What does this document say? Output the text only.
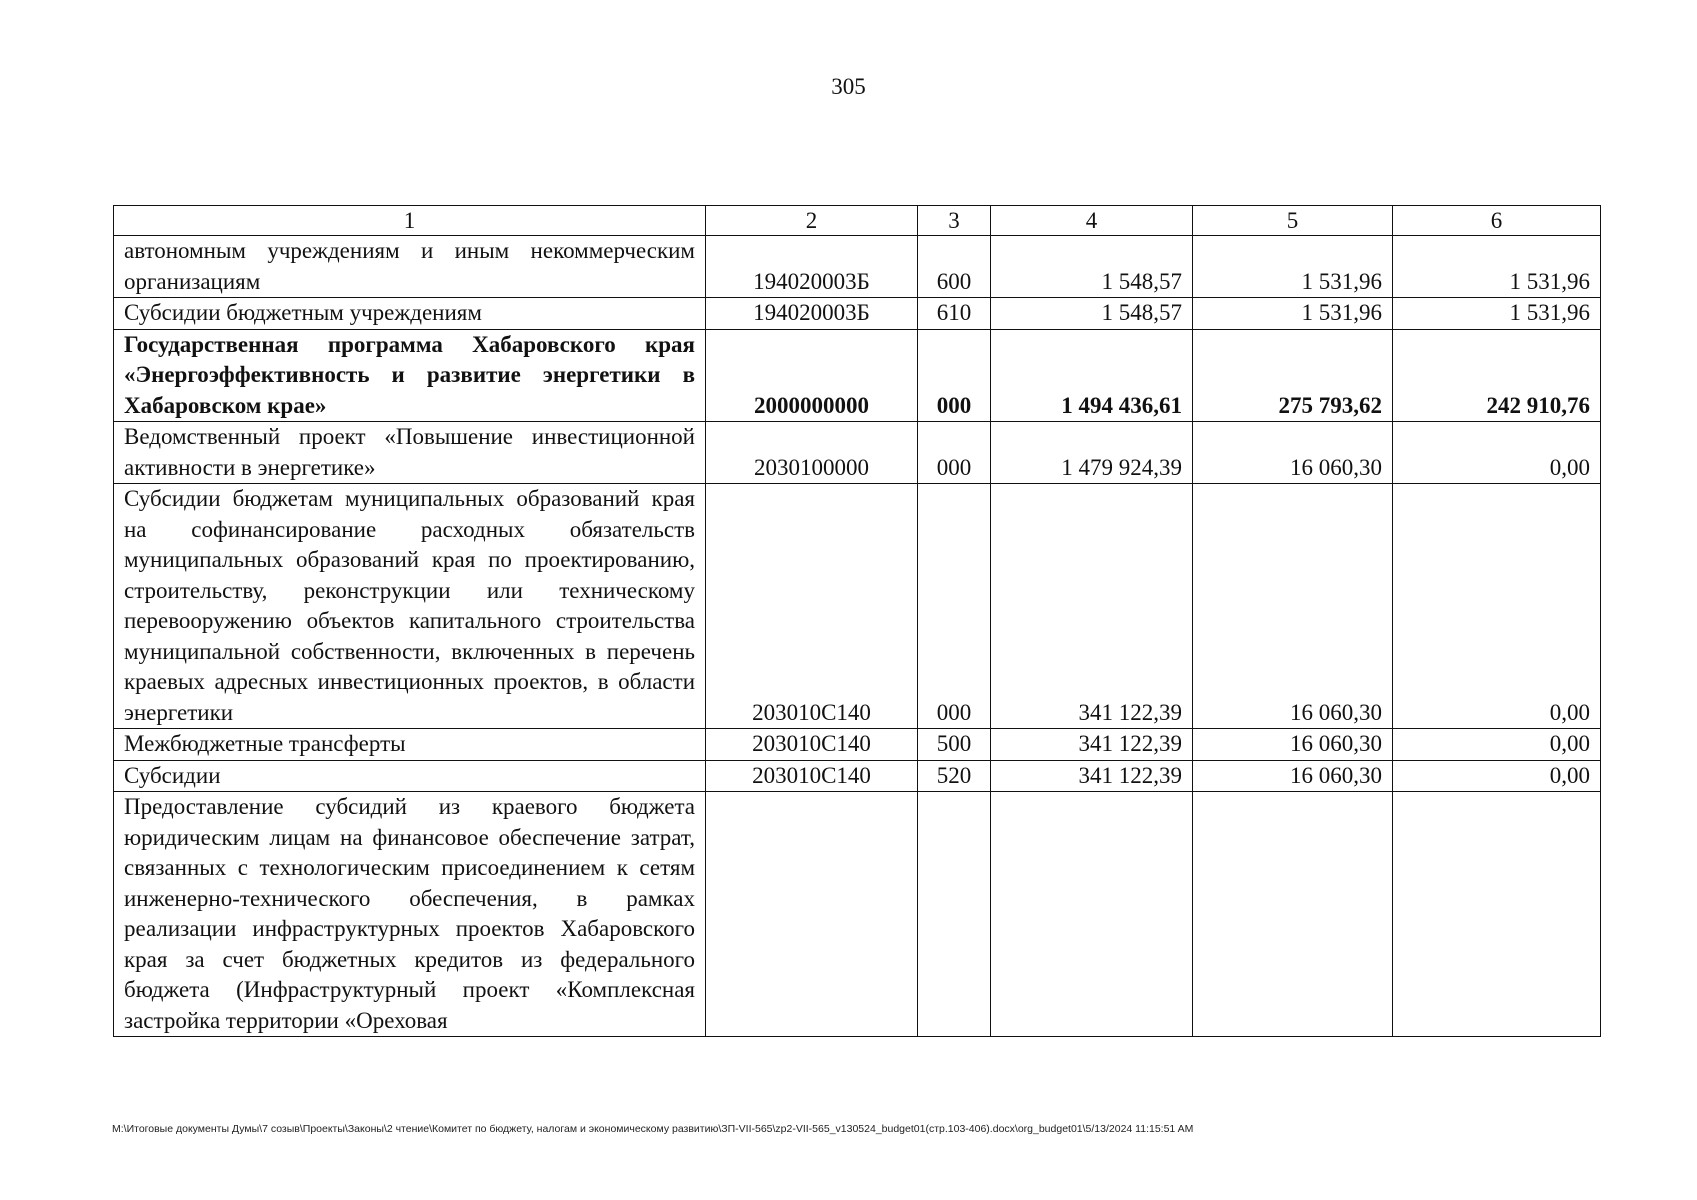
305
1	2	3	4	5	6
автономным учреждениям и иным некоммерческим организациям	194020003Б	600	1 548,57	1 531,96	1 531,96
Субсидии бюджетным учреждениям	194020003Б	610	1 548,57	1 531,96	1 531,96
Государственная программа Хабаровского края «Энергоэффективность и развитие энергетики в Хабаровском крае»	2000000000	000	1 494 436,61	275 793,62	242 910,76
Ведомственный проект «Повышение инвестиционной активности в энергетике»	2030100000	000	1 479 924,39	16 060,30	0,00
Субсидии бюджетам муниципальных образований края на софинансирование расходных обязательств муниципальных образований края по проектированию, строительству, реконструкции или техническому перевооружению объектов капитального строительства муниципальной собственности, включенных в перечень краевых адресных инвестиционных проектов, в области энергетики	203010С140	000	341 122,39	16 060,30	0,00
Межбюджетные трансферты	203010С140	500	341 122,39	16 060,30	0,00
Субсидии	203010С140	520	341 122,39	16 060,30	0,00
Предоставление субсидий из краевого бюджета юридическим лицам на финансовое обеспечение затрат, связанных с технологическим присоединением к сетям инженерно-технического обеспечения, в рамках реализации инфраструктурных проектов Хабаровского края за счет бюджетных кредитов из федерального бюджета (Инфраструктурный проект «Комплексная застройка территории «Ореховая					
M:\Итоговые документы Думы\7 созыв\Проекты\Законы\2 чтение\Комитет по бюджету, налогам и экономическому развитию\ЗП-VII-565\zp2-VII-565_v130524_budget01(стр.103-406).docx\org_budget01\5/13/2024 11:15:51 AM
